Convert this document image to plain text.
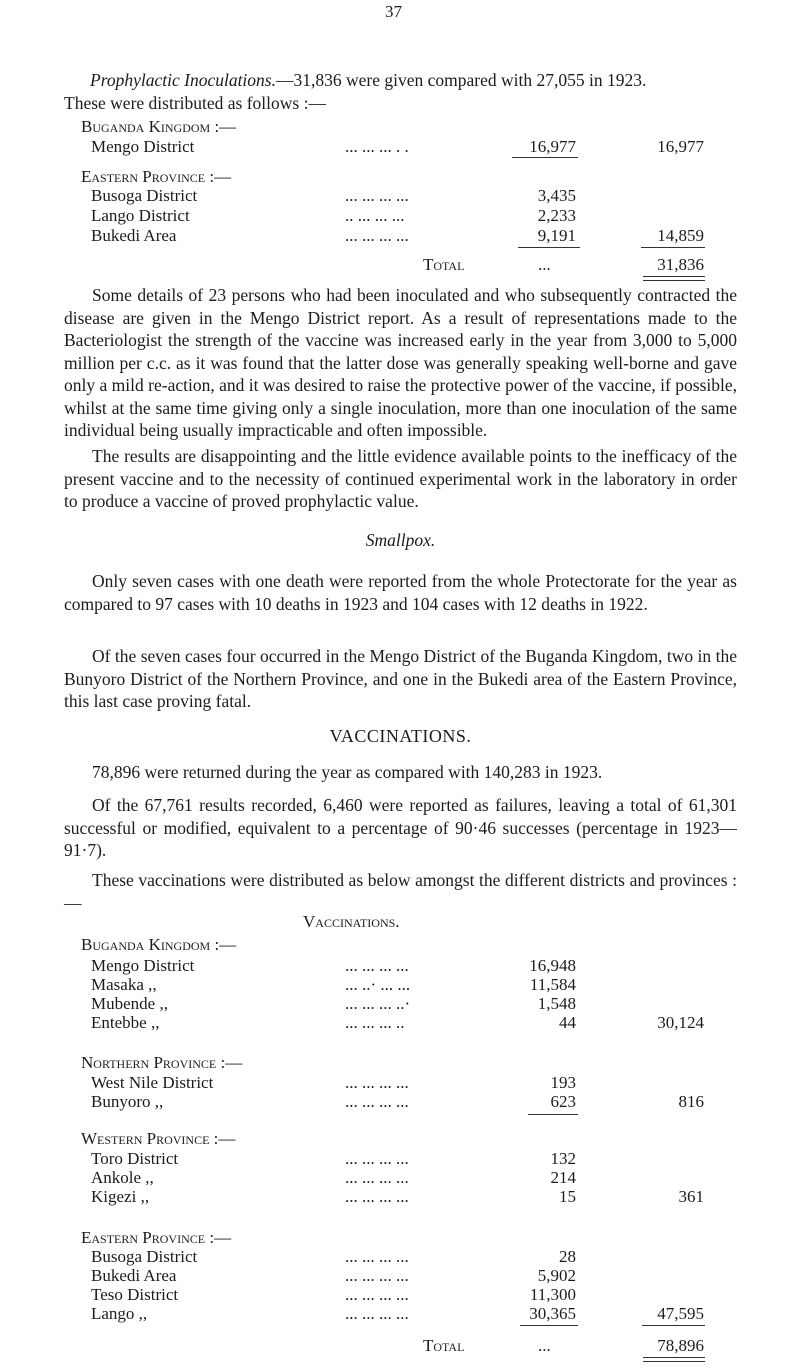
37
Prophylactic Inoculations.—31,836 were given compared with 27,055 in 1923.
These were distributed as follows :—
Buganda Kingdom :—
Mengo District	... ... ... . .	16,977	16,977
Eastern Province :—
Busoga District	... ... ... ...	3,435
Lango District	.. ... ... ...	2,233
Bukedi Area	... ... ... ...	9,191	14,859
Total	...	31,836
Some details of 23 persons who had been inoculated and who subsequently contracted the disease are given in the Mengo District report. As a result of representations made to the Bacteriologist the strength of the vaccine was increased early in the year from 3,000 to 5,000 million per c.c. as it was found that the latter dose was generally speaking well-borne and gave only a mild re-action, and it was desired to raise the protective power of the vaccine, if possible, whilst at the same time giving only a single inoculation, more than one inoculation of the same individual being usually impracticable and often impossible.
The results are disappointing and the little evidence available points to the inefficacy of the present vaccine and to the necessity of continued experimental work in the laboratory in order to produce a vaccine of proved prophylactic value.
Smallpox.
Only seven cases with one death were reported from the whole Protectorate for the year as compared to 97 cases with 10 deaths in 1923 and 104 cases with 12 deaths in 1922.
Of the seven cases four occurred in the Mengo District of the Buganda Kingdom, two in the Bunyoro District of the Northern Province, and one in the Bukedi area of the Eastern Province, this last case proving fatal.
VACCINATIONS.
78,896 were returned during the year as compared with 140,283 in 1923.
Of the 67,761 results recorded, 6,460 were reported as failures, leaving a total of 61,301 successful or modified, equivalent to a percentage of 90·46 successes (percentage in 1923—91·7).
These vaccinations were distributed as below amongst the different districts and provinces :—
Vaccinations.
Buganda Kingdom :—
Mengo District	... ... ... ...	16,948
Masaka ,,	... ..· ... ...	11,584
Mubende ,,	... ... ... ..·	1,548
Entebbe ,,	... ... ... ..	44	30,124
Northern Province :—
West Nile District	... ... ... ...	193
Bunyoro ,,	... ... ... ...	623	816
Western Province :—
Toro District	... ... ... ...	132
Ankole ,,	... ... ... ...	214
Kigezi ,,	... ... ... ...	15	361
Eastern Province :—
Busoga District	... ... ... ...	28
Bukedi Area	... ... ... ...	5,902
Teso District	... ... ... ...	11,300
Lango ,,	... ... ... ...	30,365	47,595
Total	...	78,896
